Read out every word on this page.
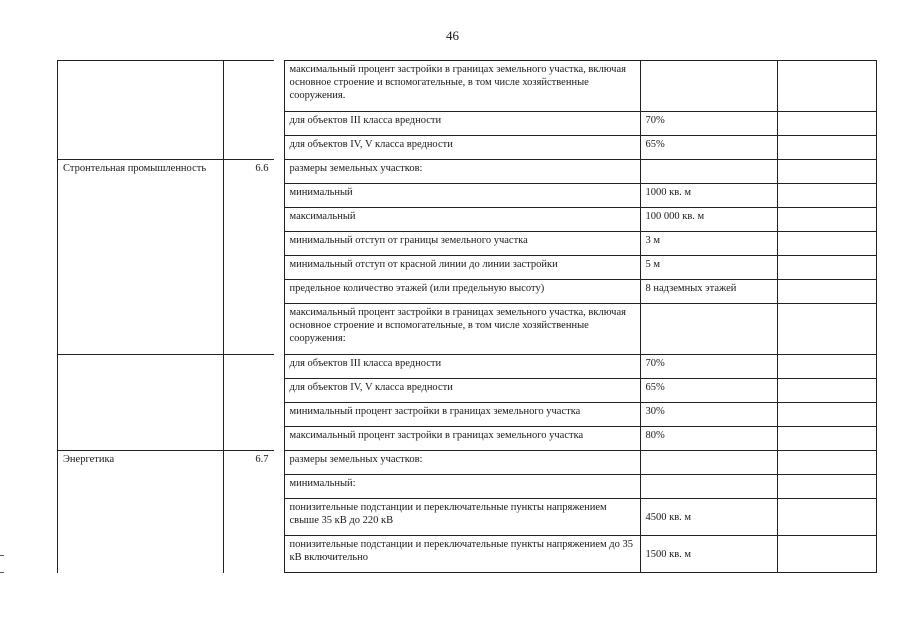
46
			максимальный процент застройки в границах земельного участка, включая основное строение и вспомогательные, в том числе хозяйственные сооружения.		
			для объектов III класса вредности	70%	
			для объектов IV, V класса вредности	65%	
Стронтельная промышленность	6.6		размеры земельных участков:		
			минимальный	1000 кв. м	
			максимальный	100 000 кв. м	
			минимальный отступ от границы земельного участка	3 м	
			минимальный отступ от красной линии до линии застройки	5 м	
			предельное количество этажей (или предельную высоту)	8 надземных этажей	
			максимальный процент застройки в границах земельного участка, включая основное строение и вспомогательные, в том числе хозяйственные сооружения:		
			для объектов III класса вредности	70%	
			для объектов IV, V класса вредности	65%	
			минимальный процент застройки в границах земельного участка	30%	
			максимальный процент застройки в границах земельного участка	80%	
Энергетика	6.7		размеры земельных участков:		
			минимальный:		
			понизительные подстанции и переключательные пункты напряжением свыше 35 кВ до 220 кВ	4500 кв. м	
			понизительные подстанции и переключательные пункты напряжением до 35 кВ включительно	1500 кв. м	
